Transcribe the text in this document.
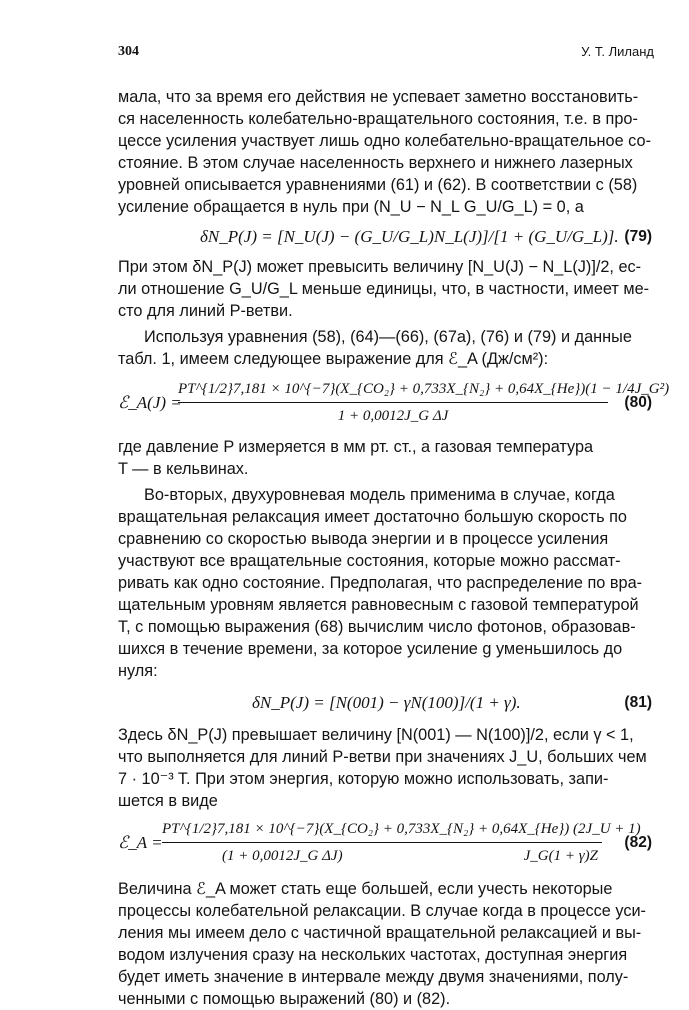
304	У. Т. Лиланд

мала, что за время его действия не успевает заметно восстановить-

ся населенность колебательно-вращательного состояния, т.е. в про-

цессе усиления участвует лишь одно колебательно-вращательное со-

стояние. В этом случае населенность верхнего и нижнего лазерных

уровней описывается уравнениями (61) и (62). В соответствии с (58)

усиление обращается в нуль при (N_U − N_L G_U/G_L) = 0, а

δN_P(J) = [N_U(J) − (G_U/G_L)N_L(J)]/[1 + (G_U/G_L)]. (79)

При этом δN_P(J) может превысить величину [N_U(J) − N_L(J)]/2, ес-

ли отношение G_U/G_L меньше единицы, что, в частности, имеет ме-

сто для линий P-ветви.

Используя уравнения (58), (64)—(66), (67а), (76) и (79) и данные

табл. 1, имеем следующее выражение для ℰ_A (Дж/см²):

ℰ_A(J) =
PT^{1/2}7,181 × 10^{−7}(X_{CO₂} + 0,733X_{N₂} + 0,64X_{He})(1 − 1/4J_G²)
1 + 0,0012J_G ΔJ
(80)

где давление P измеряется в мм рт. ст., а газовая температура

T — в кельвинах.

Во-вторых, двухуровневая модель применима в случае, когда

вращательная релаксация имеет достаточно большую скорость по

сравнению со скоростью вывода энергии и в процессе усиления

участвуют все вращательные состояния, которые можно рассмат-

ривать как одно состояние. Предполагая, что распределение по вра-

щательным уровням является равновесным с газовой температурой

T, с помощью выражения (68) вычислим число фотонов, образовав-

шихся в течение времени, за которое усиление g уменьшилось до

нуля:

δN_P(J) = [N(001) − γN(100)]/(1 + γ).	(81)

Здесь δN_P(J) превышает величину [N(001) — N(100)]/2, если γ < 1,

что выполняется для линий P-ветви при значениях J_U, больших чем

7 · 10⁻³ T. При этом энергия, которую можно использовать, запи-

шется в виде

ℰ_A =
PT^{1/2}7,181 × 10^{−7}(X_{CO₂} + 0,733X_{N₂} + 0,64X_{He}) (2J_U + 1)
(1 + 0,0012J_G ΔJ)	J_G(1 + γ)Z
(82)

Величина ℰ_A может стать еще большей, если учесть некоторые

процессы колебательной релаксации. В случае когда в процессе уси-

ления мы имеем дело с частичной вращательной релаксацией и вы-

водом излучения сразу на нескольких частотах, доступная энергия

будет иметь значение в интервале между двумя значениями, полу-

ченными с помощью выражений (80) и (82).
